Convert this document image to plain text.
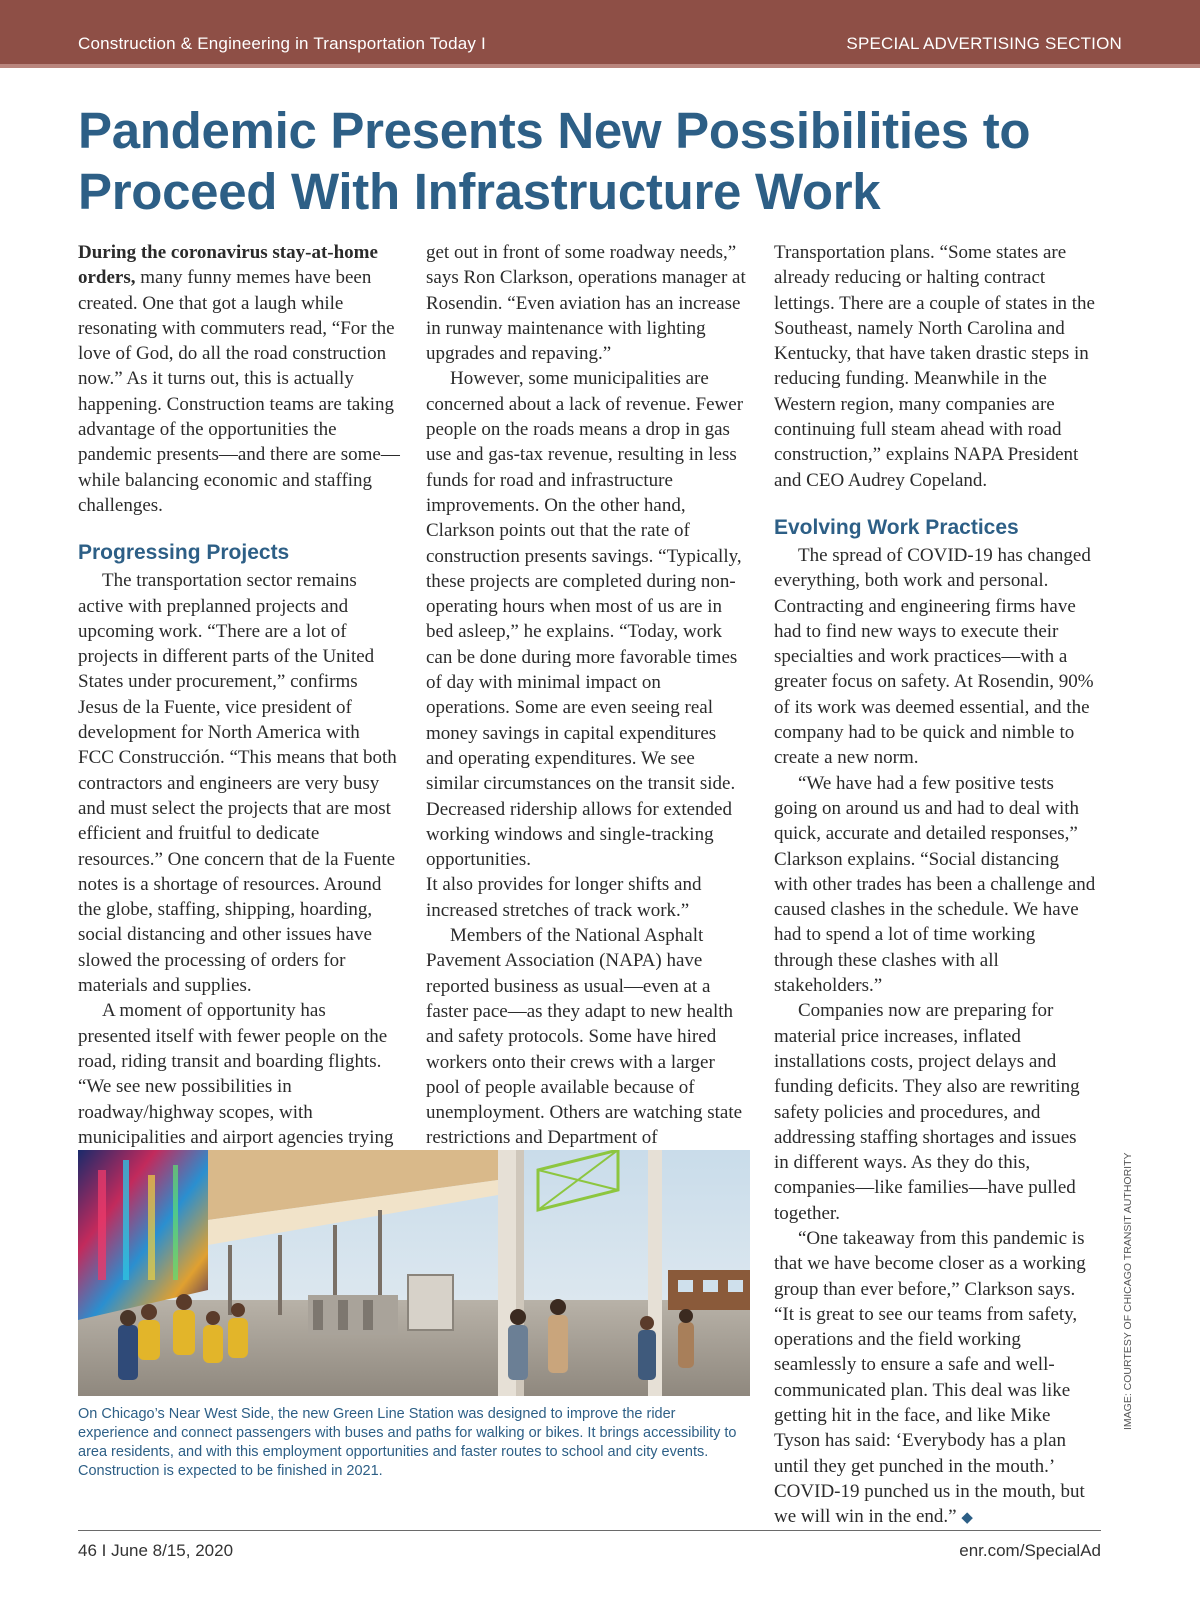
Construction & Engineering in Transportation Today I	SPECIAL ADVERTISING SECTION
Pandemic Presents New Possibilities to Proceed With Infrastructure Work

During the coronavirus stay-at-home orders, many funny memes have been created. One that got a laugh while resonating with commuters read, “For the love of God, do all the road construction now.” As it turns out, this is actually happening. Construction teams are taking advantage of the opportunities the pandemic presents—and there are some—while balancing economic and staffing challenges.

Progressing Projects

The transportation sector remains active with preplanned projects and upcoming work. “There are a lot of projects in different parts of the United States under procurement,” confirms Jesus de la Fuente, vice president of development for North America with FCC Construcción. “This means that both contractors and engineers are very busy and must select the projects that are most efficient and fruitful to dedicate resources.” One concern that de la Fuente notes is a shortage of resources. Around the globe, staffing, shipping, hoarding, social distancing and other issues have slowed the processing of orders for materials and supplies.

A moment of opportunity has presented itself with fewer people on the road, riding transit and boarding flights. “We see new possibilities in roadway/highway scopes, with municipalities and airport agencies trying

get out in front of some roadway needs,” says Ron Clarkson, operations manager at Rosendin. “Even aviation has an increase in runway maintenance with lighting upgrades and repaving.”

However, some municipalities are concerned about a lack of revenue. Fewer people on the roads means a drop in gas use and gas-tax revenue, resulting in less funds for road and infrastructure improvements. On the other hand, Clarkson points out that the rate of construction presents savings. “Typically, these projects are completed during non-operating hours when most of us are in bed asleep,” he explains. “Today, work can be done during more favorable times of day with minimal impact on operations. Some are even seeing real money savings in capital expenditures and operating expenditures. We see similar circumstances on the transit side. Decreased ridership allows for extended working windows and single-tracking opportunities.

It also provides for longer shifts and increased stretches of track work.”

Members of the National Asphalt Pavement Association (NAPA) have reported business as usual—even at a faster pace—as they adapt to new health and safety protocols. Some have hired workers onto their crews with a larger pool of people available because of unemployment. Others are watching state restrictions and Department of

Transportation plans. “Some states are already reducing or halting contract lettings. There are a couple of states in the Southeast, namely North Carolina and Kentucky, that have taken drastic steps in reducing funding. Meanwhile in the Western region, many companies are continuing full steam ahead with road construction,” explains NAPA President and CEO Audrey Copeland.

Evolving Work Practices

The spread of COVID-19 has changed everything, both work and personal. Contracting and engineering firms have had to find new ways to execute their specialties and work practices—with a greater focus on safety. At Rosendin, 90% of its work was deemed essential, and the company had to be quick and nimble to create a new norm.

“We have had a few positive tests going on around us and had to deal with quick, accurate and detailed responses,” Clarkson explains. “Social distancing with other trades has been a challenge and caused clashes in the schedule. We have had to spend a lot of time working through these clashes with all stakeholders.”

Companies now are preparing for material price increases, inflated installations costs, project delays and funding deficits. They also are rewriting safety policies and procedures, and addressing staffing shortages and issues in different ways. As they do this, companies—like families—have pulled together.

“One takeaway from this pandemic is that we have become closer as a working group than ever before,” Clarkson says. “It is great to see our teams from safety, operations and the field working seamlessly to ensure a safe and well-communicated plan. This deal was like getting hit in the face, and like Mike Tyson has said: ‘Everybody has a plan until they get punched in the mouth.’ COVID-19 punched us in the mouth, but we will win in the end.” ◆

On Chicago’s Near West Side, the new Green Line Station was designed to improve the rider experience and connect passengers with buses and paths for walking or bikes. It brings accessibility to area residents, and with this employment opportunities and faster routes to school and city events. Construction is expected to be finished in 2021.

IMAGE: COURTESY OF CHICAGO TRANSIT AUTHORITY
46 I June 8/15, 2020	enr.com/SpecialAd
